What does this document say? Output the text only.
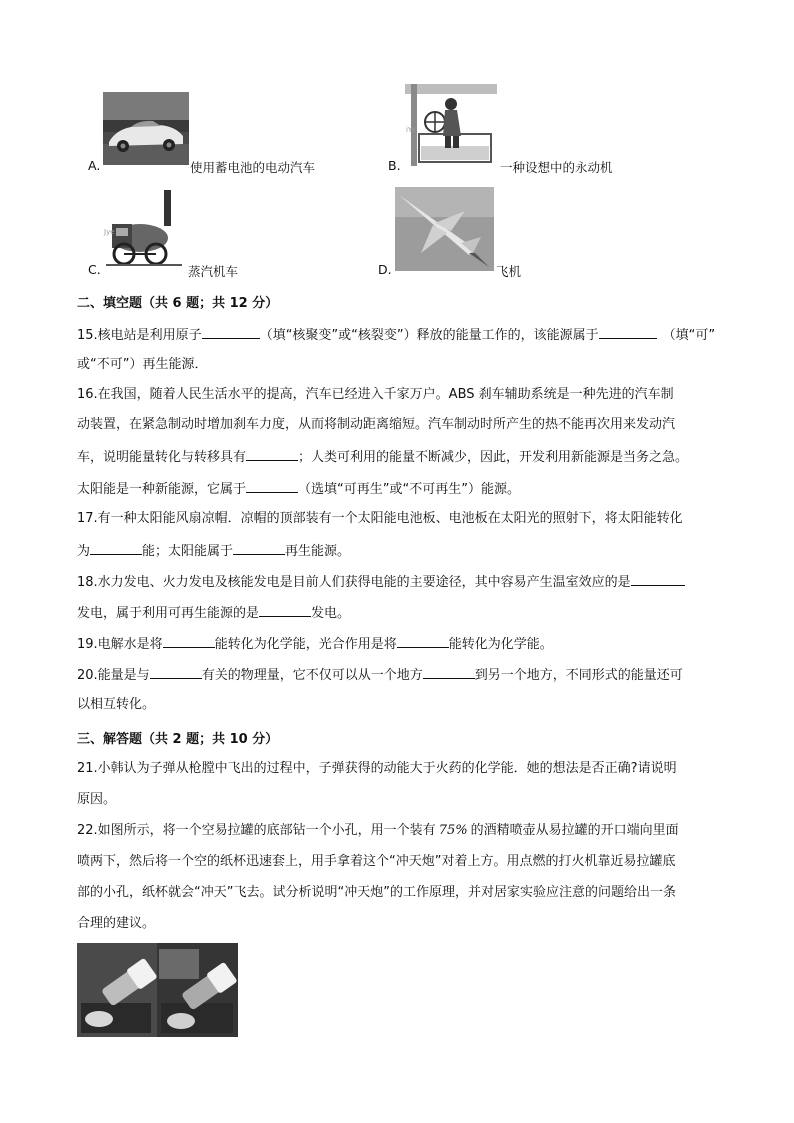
A.	使用蓄电池的电动汽车
iYe
B.	一种设想中的永动机
Jye
C.	蒸汽机车	D.	飞机
二、填空题（共 6 题；共 12 分）
15.核电站是利用原子	（填“核聚变”或“核裂变”）释放的能量工作的，该能源属于	（填“可”
或“不可”）再生能源．
16.在我国，随着人民生活水平的提高，汽车已经进入千家万户。ABS 刹车辅助系统是一种先进的汽车制
动装置，在紧急制动时增加刹车力度，从而将制动距离缩短。汽车制动时所产生的热不能再次用来发动汽
车，说明能量转化与转移具有	；人类可利用的能量不断减少，因此，开发利用新能源是当务之急。
太阳能是一种新能源，它属于	（选填“可再生”或“不可再生”）能源。
17.有一种太阳能风扇凉帽．凉帽的顶部装有一个太阳能电池板、电池板在太阳光的照射下，将太阳能转化
为	能；太阳能属于	再生能源。
18.水力发电、火力发电及核能发电是目前人们获得电能的主要途径，其中容易产生温室效应的是
发电，属于利用可再生能源的是	发电。
19.电解水是将	能转化为化学能，光合作用是将	能转化为化学能。
20.能量是与	有关的物理量，它不仅可以从一个地方	到另一个地方，不同形式的能量还可
以相互转化。
三、解答题（共 2 题；共 10 分）
21.小韩认为子弹从枪膛中飞出的过程中，子弹获得的动能大于火药的化学能．她的想法是否正确?请说明
原因。
22.如图所示，将一个空易拉罐的底部钻一个小孔，用一个装有 75% 的酒精喷壶从易拉罐的开口端向里面
喷两下，然后将一个空的纸杯迅速套上，用手拿着这个“冲天炮”对着上方。用点燃的打火机靠近易拉罐底
部的小孔，纸杯就会“冲天”飞去。试分析说明“冲天炮”的工作原理，并对居家实验应注意的问题给出一条
合理的建议。
